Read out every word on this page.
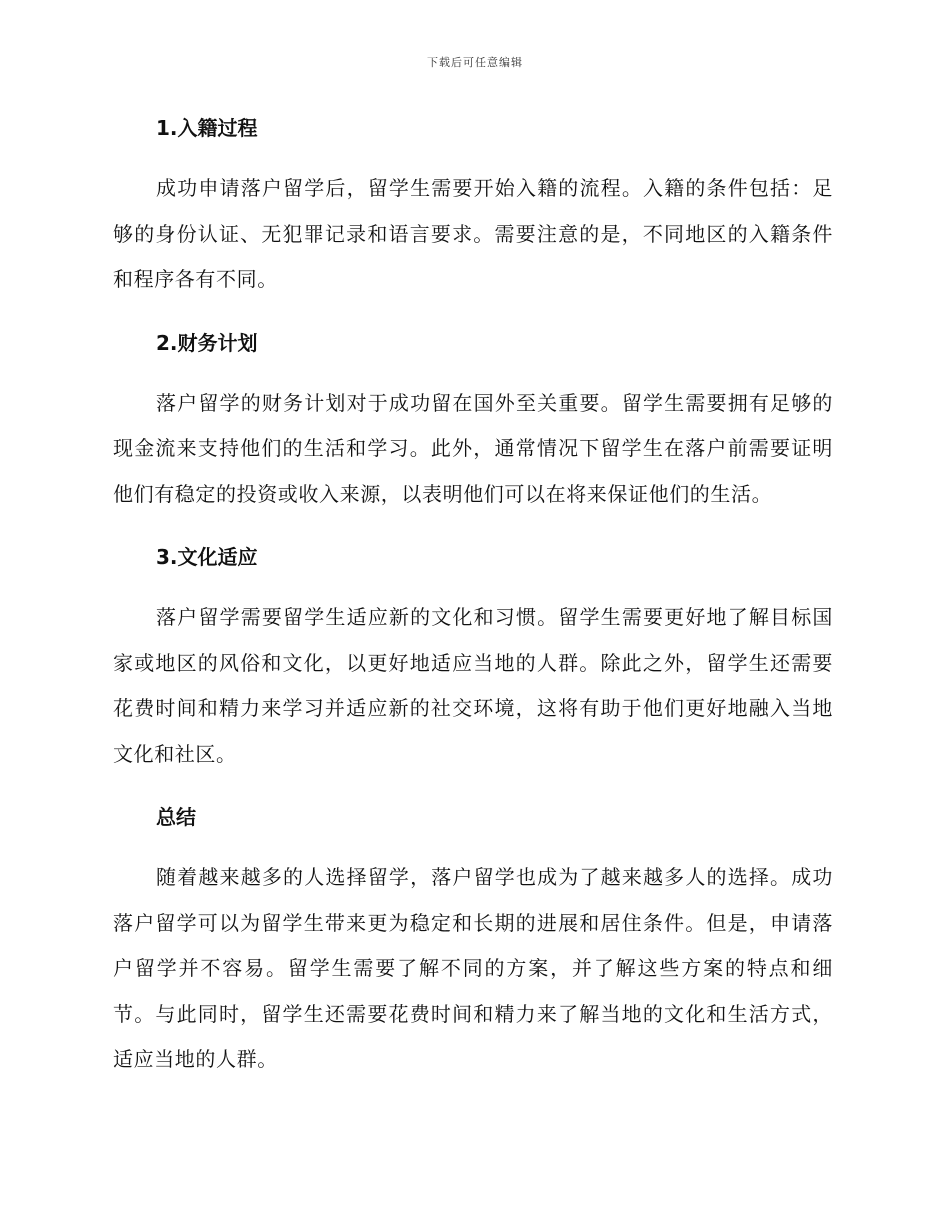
下载后可任意编辑
1.入籍过程

成功申请落户留学后，留学生需要开始入籍的流程。入籍的条件包括：足够的身份认证、无犯罪记录和语言要求。需要注意的是，不同地区的入籍条件和程序各有不同。

2.财务计划

落户留学的财务计划对于成功留在国外至关重要。留学生需要拥有足够的现金流来支持他们的生活和学习。此外，通常情况下留学生在落户前需要证明他们有稳定的投资或收入来源，以表明他们可以在将来保证他们的生活。

3.文化适应

落户留学需要留学生适应新的文化和习惯。留学生需要更好地了解目标国家或地区的风俗和文化，以更好地适应当地的人群。除此之外，留学生还需要花费时间和精力来学习并适应新的社交环境，这将有助于他们更好地融入当地文化和社区。

总结

随着越来越多的人选择留学，落户留学也成为了越来越多人的选择。成功落户留学可以为留学生带来更为稳定和长期的进展和居住条件。但是，申请落户留学并不容易。留学生需要了解不同的方案，并了解这些方案的特点和细节。与此同时，留学生还需要花费时间和精力来了解当地的文化和生活方式，适应当地的人群。
